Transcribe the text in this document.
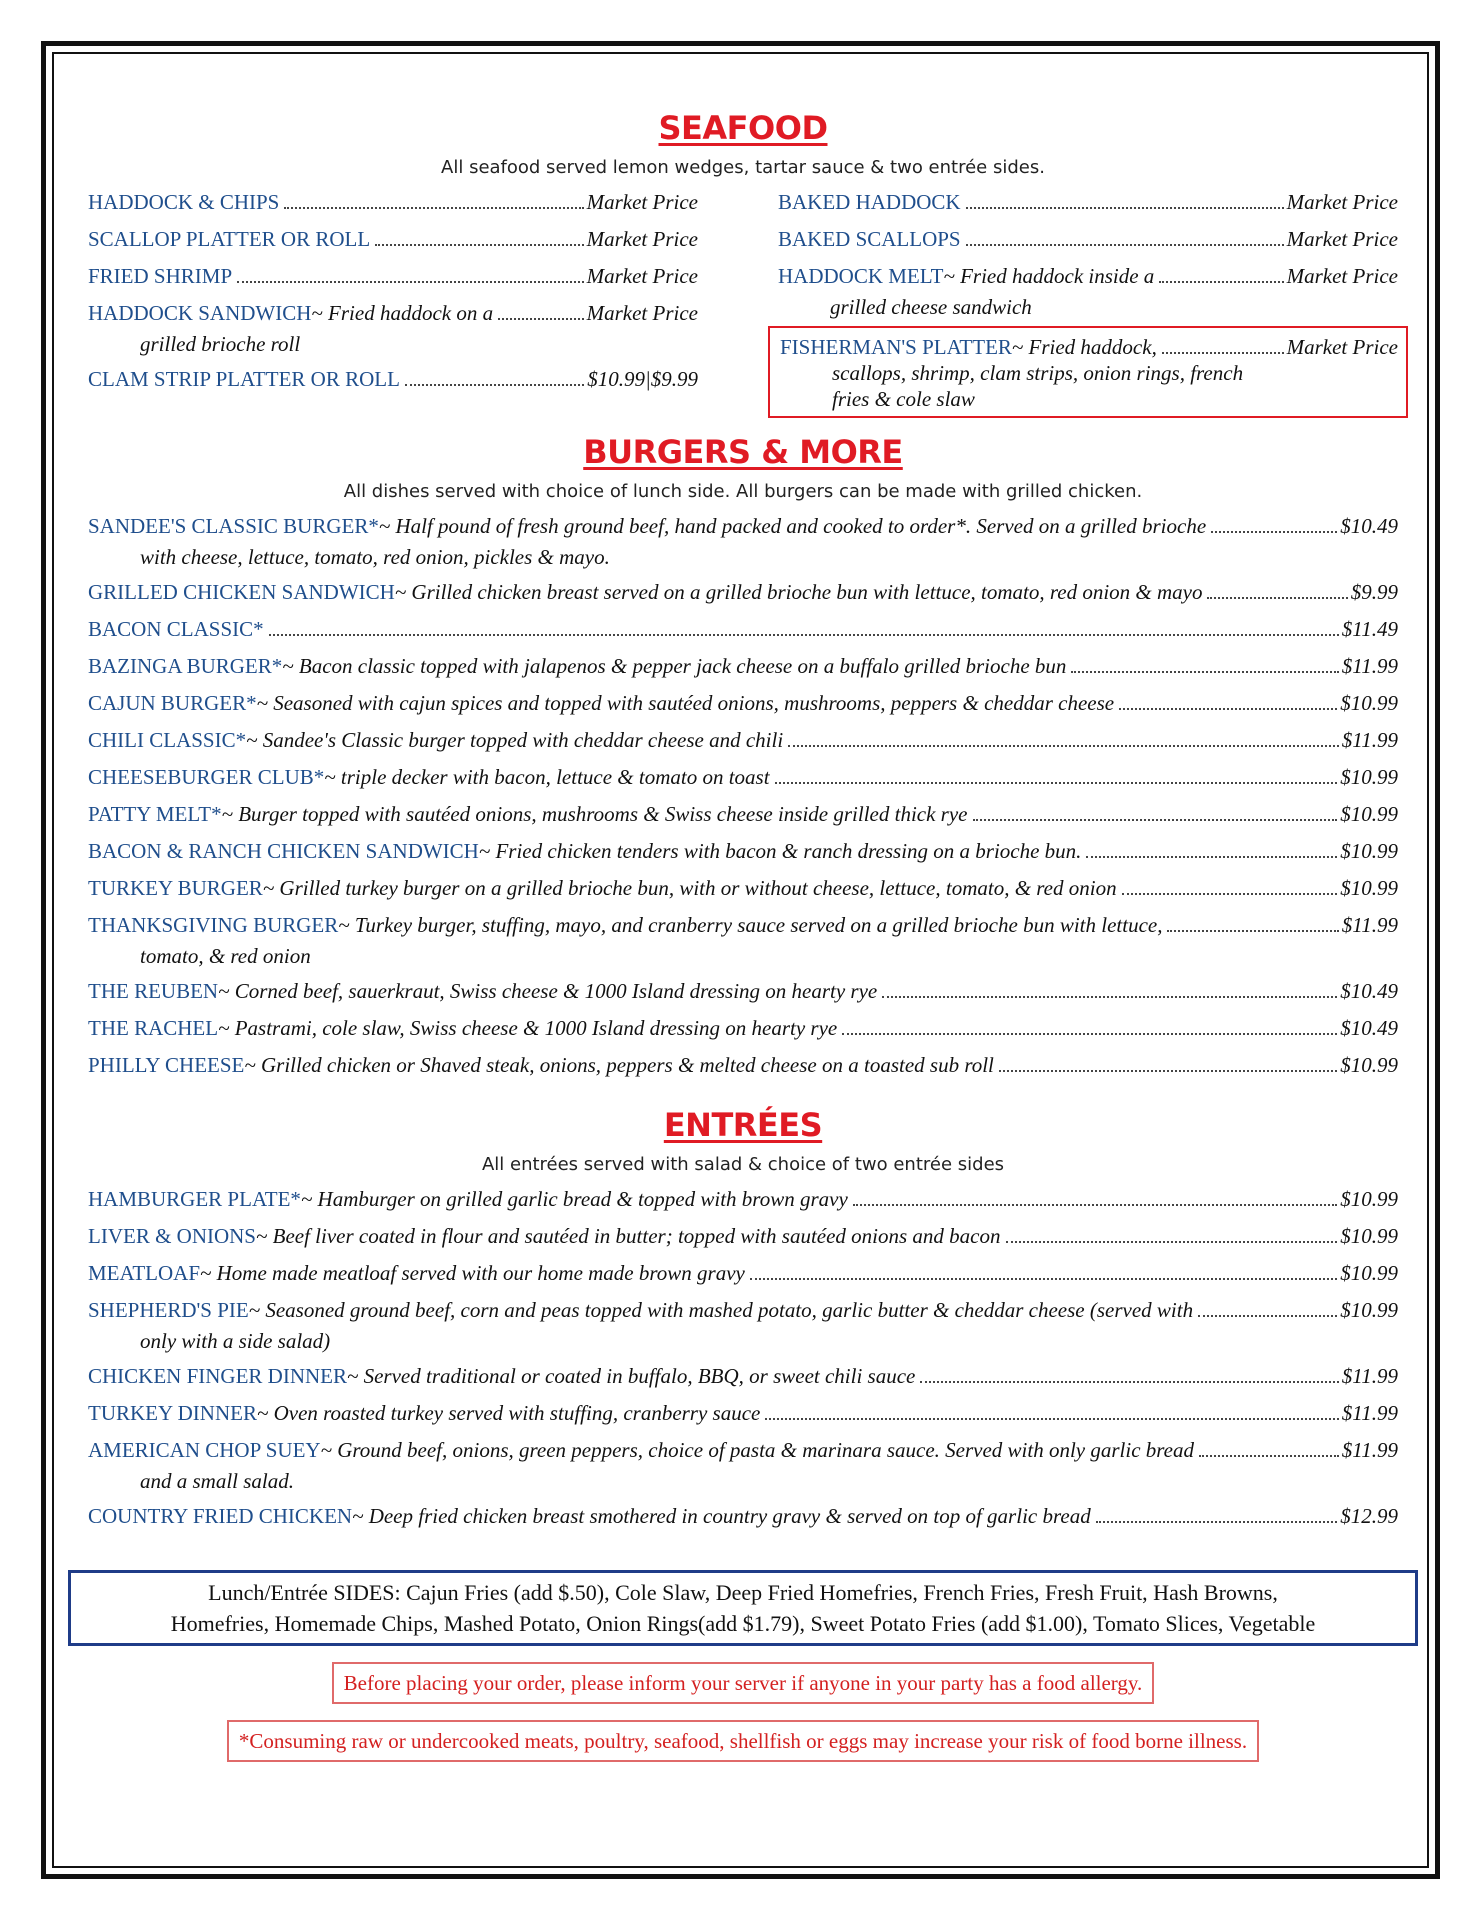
SEAFOOD
All seafood served lemon wedges, tartar sauce & two entrée sides.
HADDOCK & CHIPS	Market Price
SCALLOP PLATTER OR ROLL	Market Price
FRIED SHRIMP	Market Price
HADDOCK SANDWICH ~ Fried haddock on a	Market Price
grilled brioche roll
CLAM STRIP PLATTER OR ROLL	$10.99|$9.99
BAKED HADDOCK	Market Price
BAKED SCALLOPS	Market Price
HADDOCK MELT ~ Fried haddock inside a	Market Price
grilled cheese sandwich
FISHERMAN'S PLATTER ~ Fried haddock,	Market Price
scallops, shrimp, clam strips, onion rings, french
fries & cole slaw
BURGERS & MORE
All dishes served with choice of lunch side. All burgers can be made with grilled chicken.
SANDEE'S CLASSIC BURGER* ~ Half pound of fresh ground beef, hand packed and cooked to order*. Served on a grilled brioche	$10.49
with cheese, lettuce, tomato, red onion, pickles & mayo.
GRILLED CHICKEN SANDWICH ~ Grilled chicken breast served on a grilled brioche bun with lettuce, tomato, red onion & mayo	$9.99
BACON CLASSIC*	$11.49
BAZINGA BURGER* ~ Bacon classic topped with jalapenos & pepper jack cheese on a buffalo grilled brioche bun	$11.99
CAJUN BURGER* ~ Seasoned with cajun spices and topped with sautéed onions, mushrooms, peppers & cheddar cheese	$10.99
CHILI CLASSIC* ~ Sandee's Classic burger topped with cheddar cheese and chili	$11.99
CHEESEBURGER CLUB* ~ triple decker with bacon, lettuce & tomato on toast	$10.99
PATTY MELT* ~ Burger topped with sautéed onions, mushrooms & Swiss cheese inside grilled thick rye	$10.99
BACON & RANCH CHICKEN SANDWICH ~ Fried chicken tenders with bacon & ranch dressing on a brioche bun.	$10.99
TURKEY BURGER ~ Grilled turkey burger on a grilled brioche bun, with or without cheese, lettuce, tomato, & red onion	$10.99
THANKSGIVING BURGER ~ Turkey burger, stuffing, mayo, and cranberry sauce served on a grilled brioche bun with lettuce,	$11.99
tomato, & red onion
THE REUBEN ~ Corned beef, sauerkraut, Swiss cheese & 1000 Island dressing on hearty rye	$10.49
THE RACHEL ~ Pastrami, cole slaw, Swiss cheese & 1000 Island dressing on hearty rye	$10.49
PHILLY CHEESE ~ Grilled chicken or Shaved steak, onions, peppers & melted cheese on a toasted sub roll	$10.99
ENTRÉES
All entrées served with salad & choice of two entrée sides
HAMBURGER PLATE* ~ Hamburger on grilled garlic bread & topped with brown gravy	$10.99
LIVER & ONIONS ~ Beef liver coated in flour and sautéed in butter; topped with sautéed onions and bacon	$10.99
MEATLOAF ~ Home made meatloaf served with our home made brown gravy	$10.99
SHEPHERD'S PIE ~ Seasoned ground beef, corn and peas topped with mashed potato, garlic butter & cheddar cheese (served with	$10.99
only with a side salad)
CHICKEN FINGER DINNER ~ Served traditional or coated in buffalo, BBQ, or sweet chili sauce	$11.99
TURKEY DINNER ~ Oven roasted turkey served with stuffing, cranberry sauce	$11.99
AMERICAN CHOP SUEY ~ Ground beef, onions, green peppers, choice of pasta & marinara sauce. Served with only garlic bread	$11.99
and a small salad.
COUNTRY FRIED CHICKEN ~ Deep fried chicken breast smothered in country gravy & served on top of garlic bread	$12.99
Lunch/Entrée SIDES: Cajun Fries (add $.50), Cole Slaw, Deep Fried Homefries, French Fries, Fresh Fruit, Hash Browns,
Homefries, Homemade Chips, Mashed Potato, Onion Rings(add $1.79), Sweet Potato Fries (add $1.00), Tomato Slices, Vegetable
Before placing your order, please inform your server if anyone in your party has a food allergy.
*Consuming raw or undercooked meats, poultry, seafood, shellfish or eggs may increase your risk of food borne illness.
